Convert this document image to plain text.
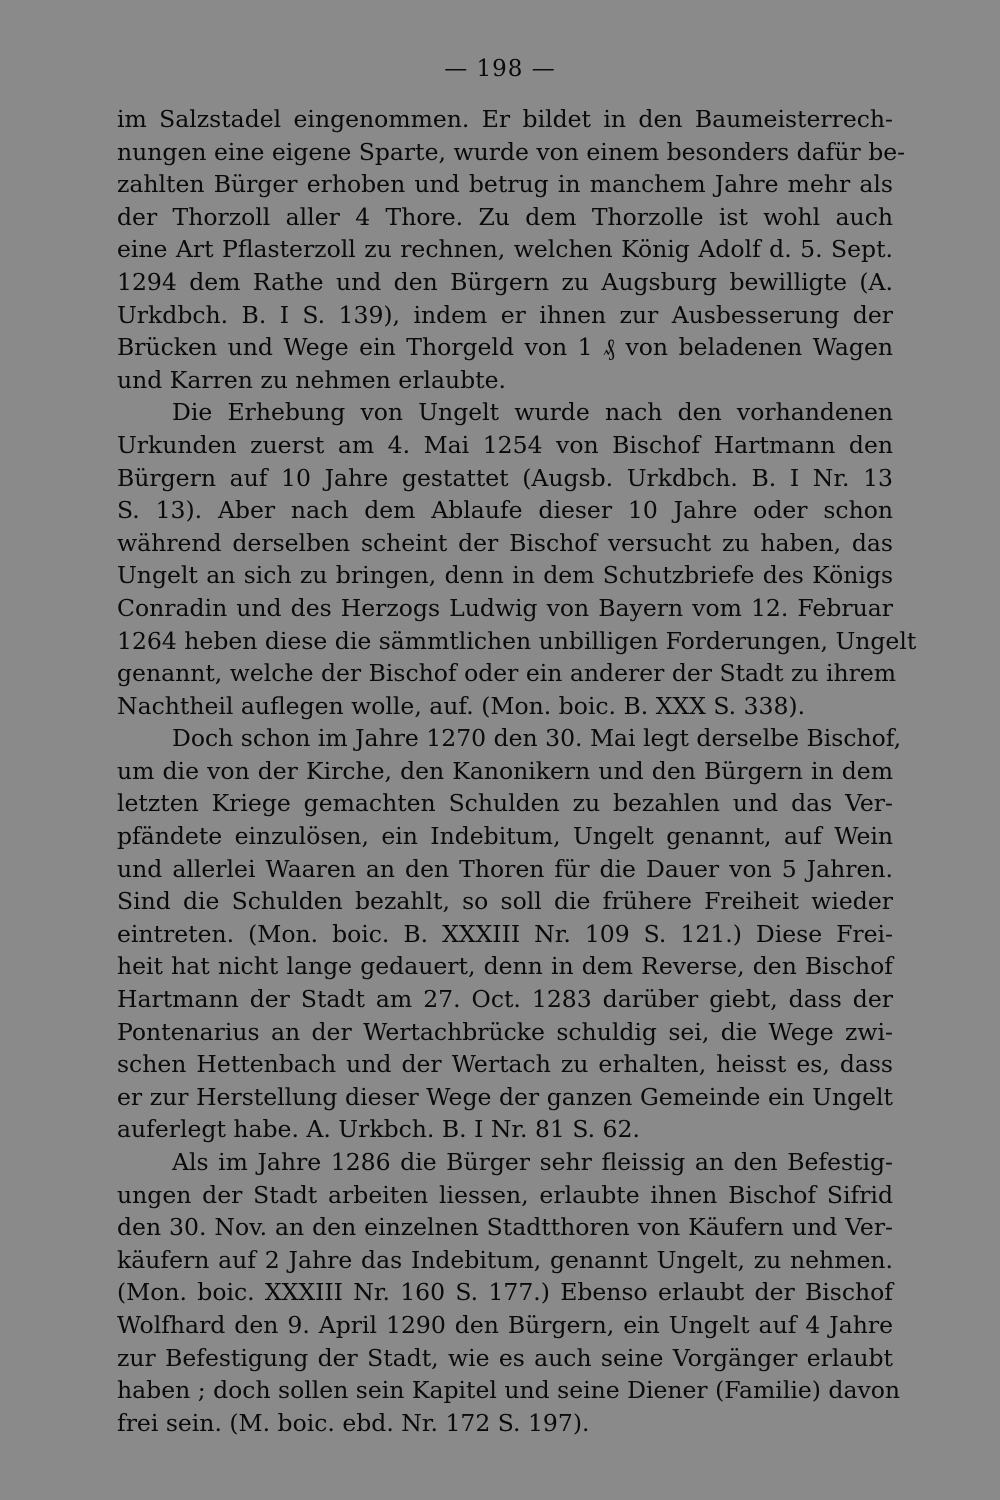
— 198 —
im Salzstadel eingenommen. Er bildet in den Baumeisterrech-
nungen eine eigene Sparte, wurde von einem besonders dafür be-
zahlten Bürger erhoben und betrug in manchem Jahre mehr als
der Thorzoll aller 4 Thore. Zu dem Thorzolle ist wohl auch
eine Art Pflasterzoll zu rechnen, welchen König Adolf d. 5. Sept.
1294 dem Rathe und den Bürgern zu Augsburg bewilligte (A.
Urkdbch. B. I S. 139), indem er ihnen zur Ausbesserung der
Brücken und Wege ein Thorgeld von 1 ₰ von beladenen Wagen
und Karren zu nehmen erlaubte.
Die Erhebung von Ungelt wurde nach den vorhandenen
Urkunden zuerst am 4. Mai 1254 von Bischof Hartmann den
Bürgern auf 10 Jahre gestattet (Augsb. Urkdbch. B. I Nr. 13
S. 13). Aber nach dem Ablaufe dieser 10 Jahre oder schon
während derselben scheint der Bischof versucht zu haben, das
Ungelt an sich zu bringen, denn in dem Schutzbriefe des Königs
Conradin und des Herzogs Ludwig von Bayern vom 12. Februar
1264 heben diese die sämmtlichen unbilligen Forderungen, Ungelt
genannt, welche der Bischof oder ein anderer der Stadt zu ihrem
Nachtheil auflegen wolle, auf. (Mon. boic. B. XXX S. 338).
Doch schon im Jahre 1270 den 30. Mai legt derselbe Bischof,
um die von der Kirche, den Kanonikern und den Bürgern in dem
letzten Kriege gemachten Schulden zu bezahlen und das Ver-
pfändete einzulösen, ein Indebitum, Ungelt genannt, auf Wein
und allerlei Waaren an den Thoren für die Dauer von 5 Jahren.
Sind die Schulden bezahlt, so soll die frühere Freiheit wieder
eintreten. (Mon. boic. B. XXXIII Nr. 109 S. 121.) Diese Frei-
heit hat nicht lange gedauert, denn in dem Reverse, den Bischof
Hartmann der Stadt am 27. Oct. 1283 darüber giebt, dass der
Pontenarius an der Wertachbrücke schuldig sei, die Wege zwi-
schen Hettenbach und der Wertach zu erhalten, heisst es, dass
er zur Herstellung dieser Wege der ganzen Gemeinde ein Ungelt
auferlegt habe. A. Urkbch. B. I Nr. 81 S. 62.
Als im Jahre 1286 die Bürger sehr fleissig an den Befestig-
ungen der Stadt arbeiten liessen, erlaubte ihnen Bischof Sifrid
den 30. Nov. an den einzelnen Stadtthoren von Käufern und Ver-
käufern auf 2 Jahre das Indebitum, genannt Ungelt, zu nehmen.
(Mon. boic. XXXIII Nr. 160 S. 177.) Ebenso erlaubt der Bischof
Wolfhard den 9. April 1290 den Bürgern, ein Ungelt auf 4 Jahre
zur Befestigung der Stadt, wie es auch seine Vorgänger erlaubt
haben ; doch sollen sein Kapitel und seine Diener (Familie) davon
frei sein. (M. boic. ebd. Nr. 172 S. 197).
